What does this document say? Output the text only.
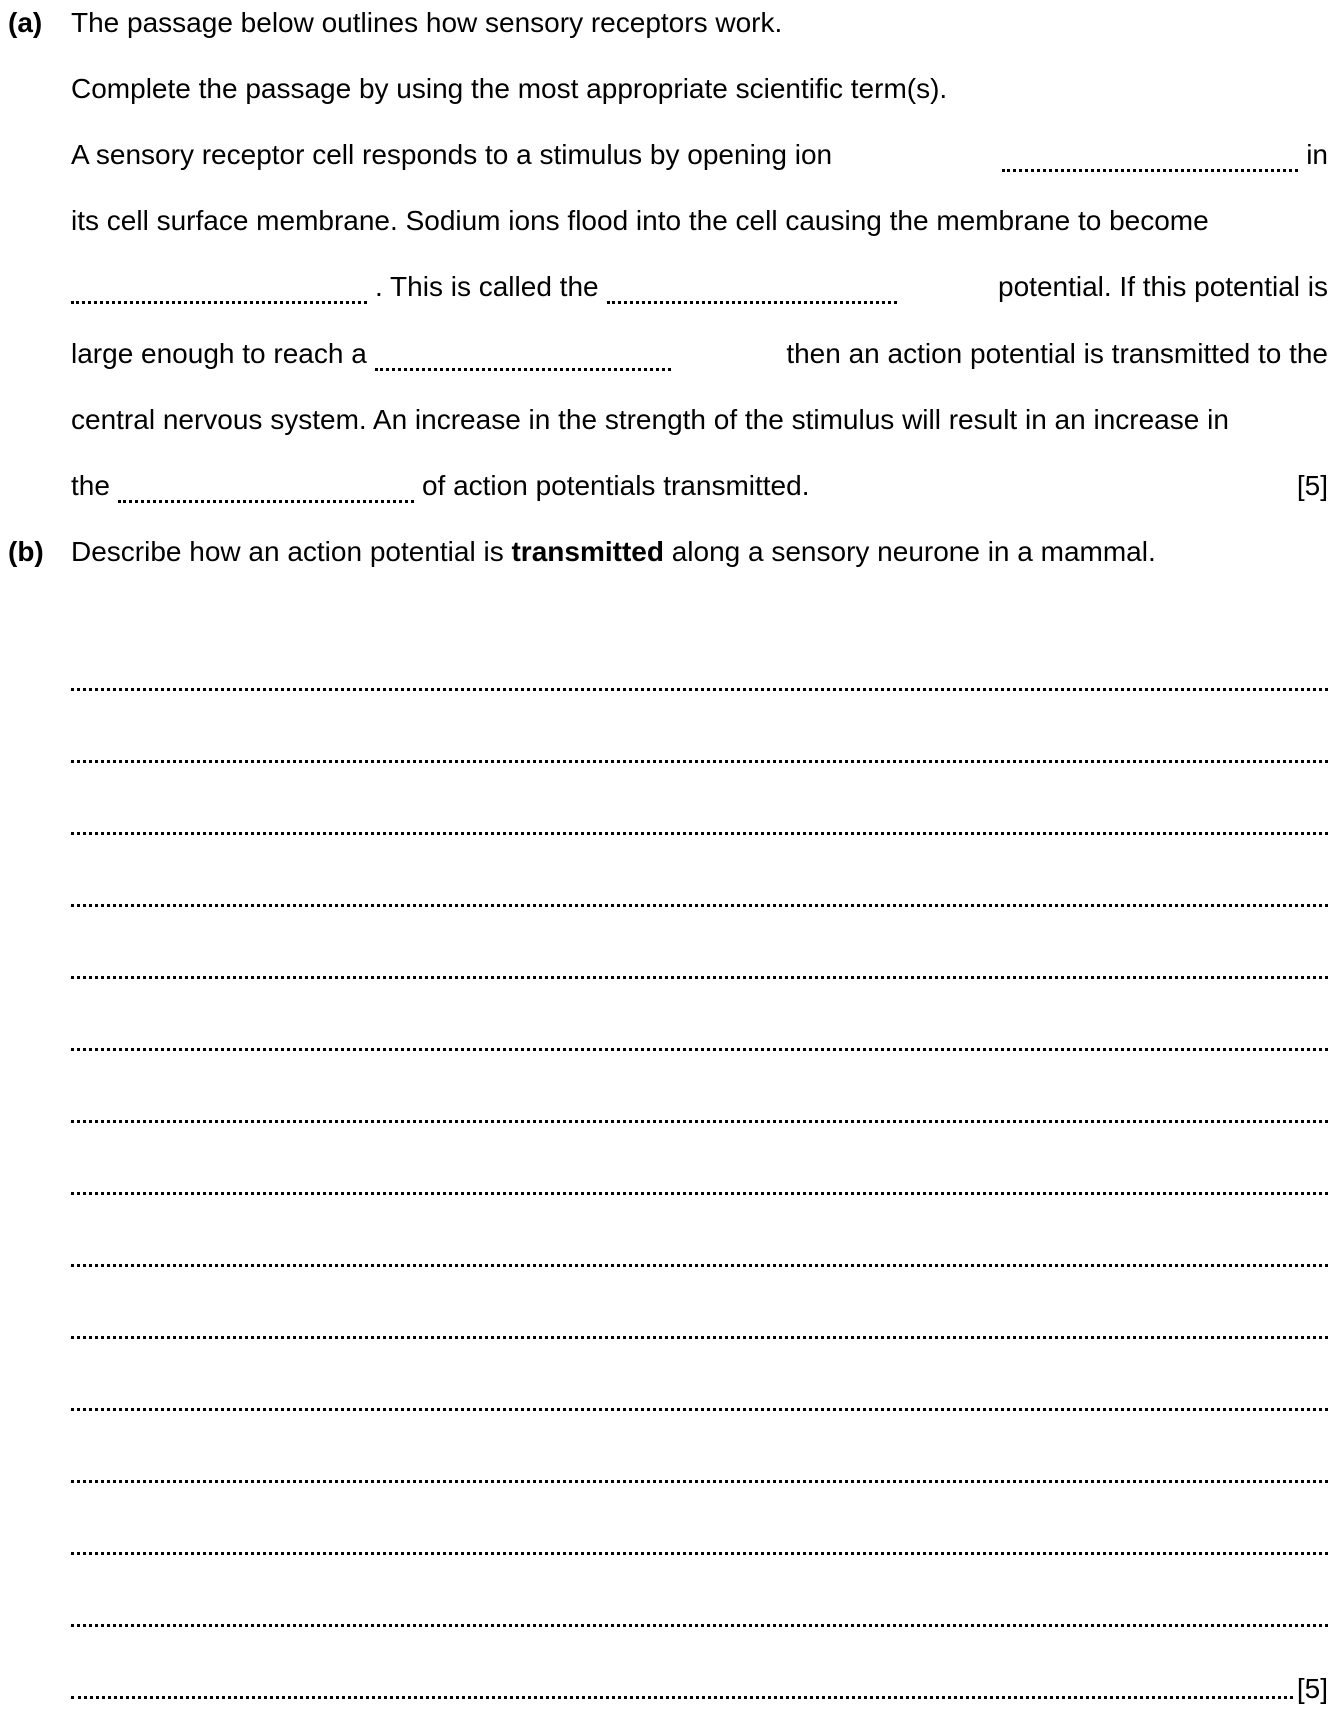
(a) The passage below outlines how sensory receptors work.
Complete the passage by using the most appropriate scientific term(s).
A sensory receptor cell responds to a stimulus by opening ion	in
its cell surface membrane. Sodium ions flood into the cell causing the membrane to become
. This is called the	potential. If this potential is
large enough to reach a	then an action potential is transmitted to the
central nervous system. An increase in the strength of the stimulus will result in an increase in
the	of action potentials transmitted.	[5]
(b) Describe how an action potential is transmitted along a sensory neurone in a mammal.
[5]
